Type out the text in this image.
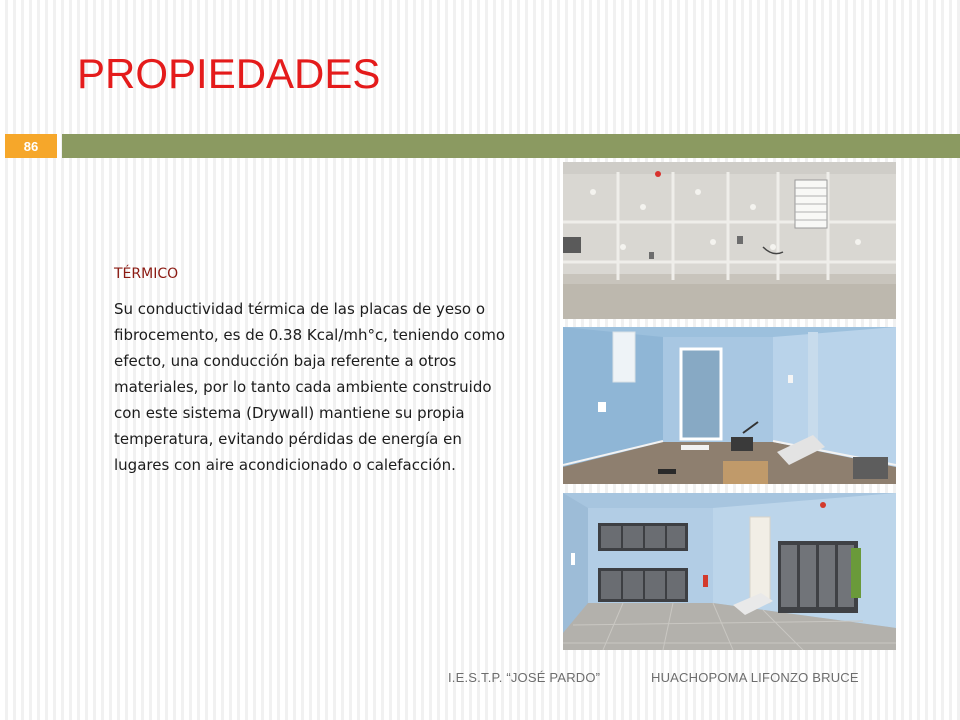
PROPIEDADES
86

TÉRMICO

Su conductividad térmica de las placas de yeso o fibrocemento, es de 0.38 Kcal/mh°c, teniendo como efecto, una conducción baja referente a otros materiales, por lo tanto cada ambiente construido con este sistema (Drywall) mantiene su propia temperatura, evitando pérdidas de energía en lugares con aire acondicionado o calefacción.

I.E.S.T.P. “JOSÉ PARDO”	HUACHOPOMA LIFONZO BRUCE
